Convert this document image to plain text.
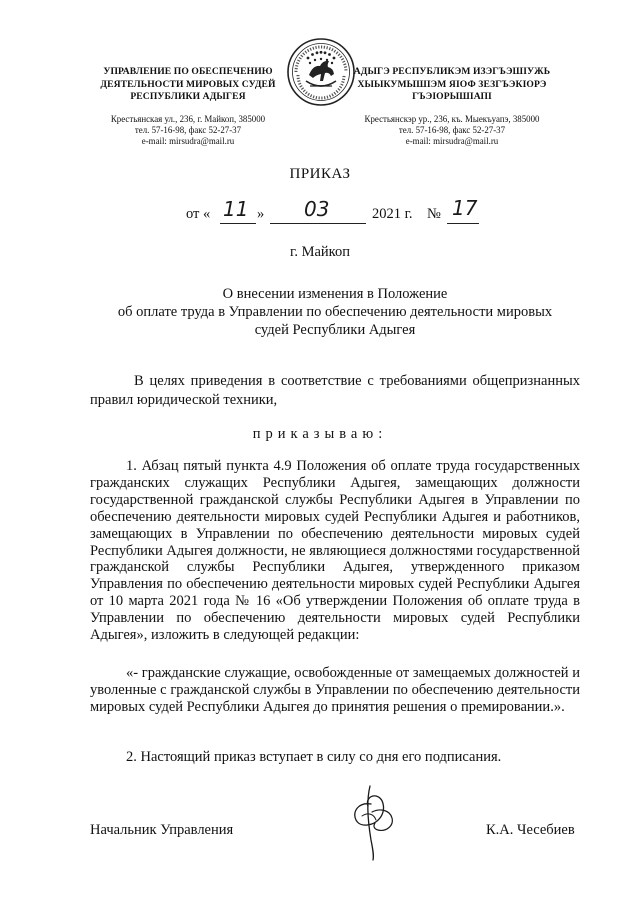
УПРАВЛЕНИЕ ПО ОБЕСПЕЧЕНИЮ
ДЕЯТЕЛЬНОСТИ МИРОВЫХ СУДЕЙ
РЕСПУБЛИКИ АДЫГЕЯ
Крестьянская ул., 236, г. Майкоп, 385000
тел. 57-16-98, факс 52-27-37
e-mail: mirsudra@mail.ru
АДЫГЭ РЕСПУБЛИКЭМ ИЗЭГЪЭШІУЖЬ
ХЫЫКУМЫШІЭМ ЯІОФ ЗЕЗГЪЭКІОРЭ
ГЪЭІОРЫШІАПІ
Крестьянскэр ур., 236, къ. Мыекъуапэ, 385000
тел. 57-16-98, факс 52-27-37
e-mail: mirsudra@mail.ru
ПРИКАЗ
от « 11 » 03	2021 г. № 17
г. Майкоп
О внесении изменения в Положение
об оплате труда в Управлении по обеспечению деятельности мировых
судей Республики Адыгея
В целях приведения в соответствие с требованиями общепризнанных правил юридической техники,
приказываю:
1. Абзац пятый пункта 4.9 Положения об оплате труда государственных гражданских служащих Республики Адыгея, замещающих должности государственной гражданской службы Республики Адыгея в Управлении по обеспечению деятельности мировых судей Республики Адыгея и работников, замещающих в Управлении по обеспечению деятельности мировых судей Республики Адыгея должности, не являющиеся должностями государственной гражданской службы Республики Адыгея, утвержденного приказом Управления по обеспечению деятельности мировых судей Республики Адыгея от 10 марта 2021 года № 16 «Об утверждении Положения об оплате труда в Управлении по обеспечению деятельности мировых судей Республики Адыгея», изложить в следующей редакции:
«- гражданские служащие, освобожденные от замещаемых должностей и уволенные с гражданской службы в Управлении по обеспечению деятельности мировых судей Республики Адыгея до принятия решения о премировании.».
2. Настоящий приказ вступает в силу со дня его подписания.
Начальник Управления	К.А. Чесебиев
